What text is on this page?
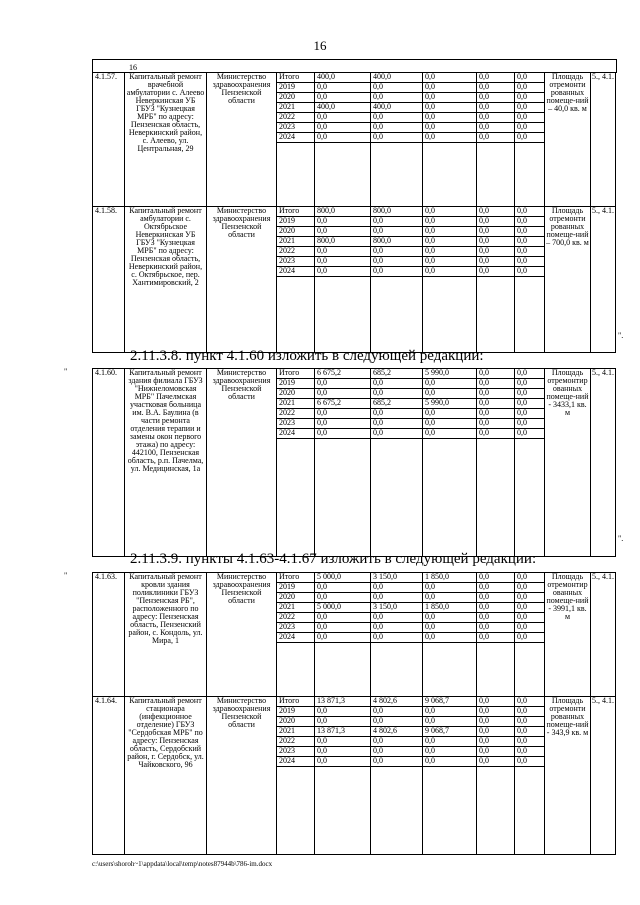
16
16
4.1.57.	Капитальный ремонт врачебной амбулатории с. Алеево Неверкинская УБ ГБУЗ "Кузнецкая МРБ" по адресу: Пензенская область, Неверкинский район, с. Алеево, ул. Центральная, 29	Министерство здравоохранения Пензенской области	Итого	400,0	400,0	0,0	0,0	0,0	Площадь отремонти рованных помеще-ний – 40,0 кв. м	5., 4.1.
			2019	0,0	0,0	0,0	0,0	0,0		
			2020	0,0	0,0	0,0	0,0	0,0		
			2021	400,0	400,0	0,0	0,0	0,0		
			2022	0,0	0,0	0,0	0,0	0,0		
			2023	0,0	0,0	0,0	0,0	0,0		
			2024	0,0	0,0	0,0	0,0	0,0		

4.1.58.	Капитальный ремонт амбулатории с. Октябрьское Неверкинская УБ ГБУЗ "Кузнецкая МРБ" по адресу: Пензенская область, Неверкинский район, с. Октябрьское, пер. Хантимировский, 2	Министерство здравоохранения Пензенской области	Итого	800,0	800,0	0,0	0,0	0,0	Площадь отремонти рованных помеще-ний – 700,0 кв. м	5., 4.1.
			2019	0,0	0,0	0,0	0,0	0,0		
			2020	0,0	0,0	0,0	0,0	0,0		
			2021	800,0	800,0	0,0	0,0	0,0		
			2022	0,0	0,0	0,0	0,0	0,0		
			2023	0,0	0,0	0,0	0,0	0,0		
			2024	0,0	0,0	0,0	0,0	0,0		

2.11.3.8. пункт 4.1.60 изложить в следующей редакции:
"	4.1.60.	Капитальный ремонт здания филиала ГБУЗ "Нижнеломовская МРБ" Пачелмская участковая больница им. В.А. Баулина (в части ремонта отделения терапии и замены окон первого этажа) по адресу: 442100, Пензенская область, р.п. Пачелма, ул. Медицинская, 1а	Министерство здравоохранения Пензенской области	Итого	6 675,2	685,2	5 990,0	0,0	0,0	Площадь отремонтир ованных помеще-ний - 3433,1 кв. м	5., 4.1.
			2019	0,0	0,0	0,0	0,0	0,0		
			2020	0,0	0,0	0,0	0,0	0,0		
			2021	6 675,2	685,2	5 990,0	0,0	0,0		
			2022	0,0	0,0	0,0	0,0	0,0		
			2023	0,0	0,0	0,0	0,0	0,0		
			2024	0,0	0,0	0,0	0,0	0,0		

2.11.3.9. пункты 4.1.63-4.1.67 изложить в следующей редакции:
"	4.1.63.	Капитальный ремонт кровли здания поликлиники ГБУЗ "Пензенская РБ", расположенного по адресу: Пензенская область, Пензенский район, с. Кондоль, ул. Мира, 1	Министерство здравоохранения Пензенской области	Итого	5 000,0	3 150,0	1 850,0	0,0	0,0	Площадь отремонтир ованных помеще-ний - 3991,1 кв. м	5., 4.1.
			2019	0,0	0,0	0,0	0,0	0,0		
			2020	0,0	0,0	0,0	0,0	0,0		
			2021	5 000,0	3 150,0	1 850,0	0,0	0,0		
			2022	0,0	0,0	0,0	0,0	0,0		
			2023	0,0	0,0	0,0	0,0	0,0		
			2024	0,0	0,0	0,0	0,0	0,0		

4.1.64.	Капитальный ремонт стационара (инфекционное отделение) ГБУЗ "Сердобская МРБ" по адресу: Пензенская область, Сердобский район, г. Сердобск, ул. Чайковского, 96	Министерство здравоохранения Пензенской области	Итого	13 871,3	4 802,6	9 068,7	0,0	0,0	Площадь отремонти рованных помеще-ний - 343,9 кв. м	5., 4.1.
			2019	0,0	0,0	0,0	0,0	0,0		
			2020	0,0	0,0	0,0	0,0	0,0		
			2021	13 871,3	4 802,6	9 068,7	0,0	0,0		
			2022	0,0	0,0	0,0	0,0	0,0		
			2023	0,0	0,0	0,0	0,0	0,0		
			2024	0,0	0,0	0,0	0,0	0,0		

".
".
c:\users\shoroh~1\appdata\local\temp\notes87944b\786-im.docx
